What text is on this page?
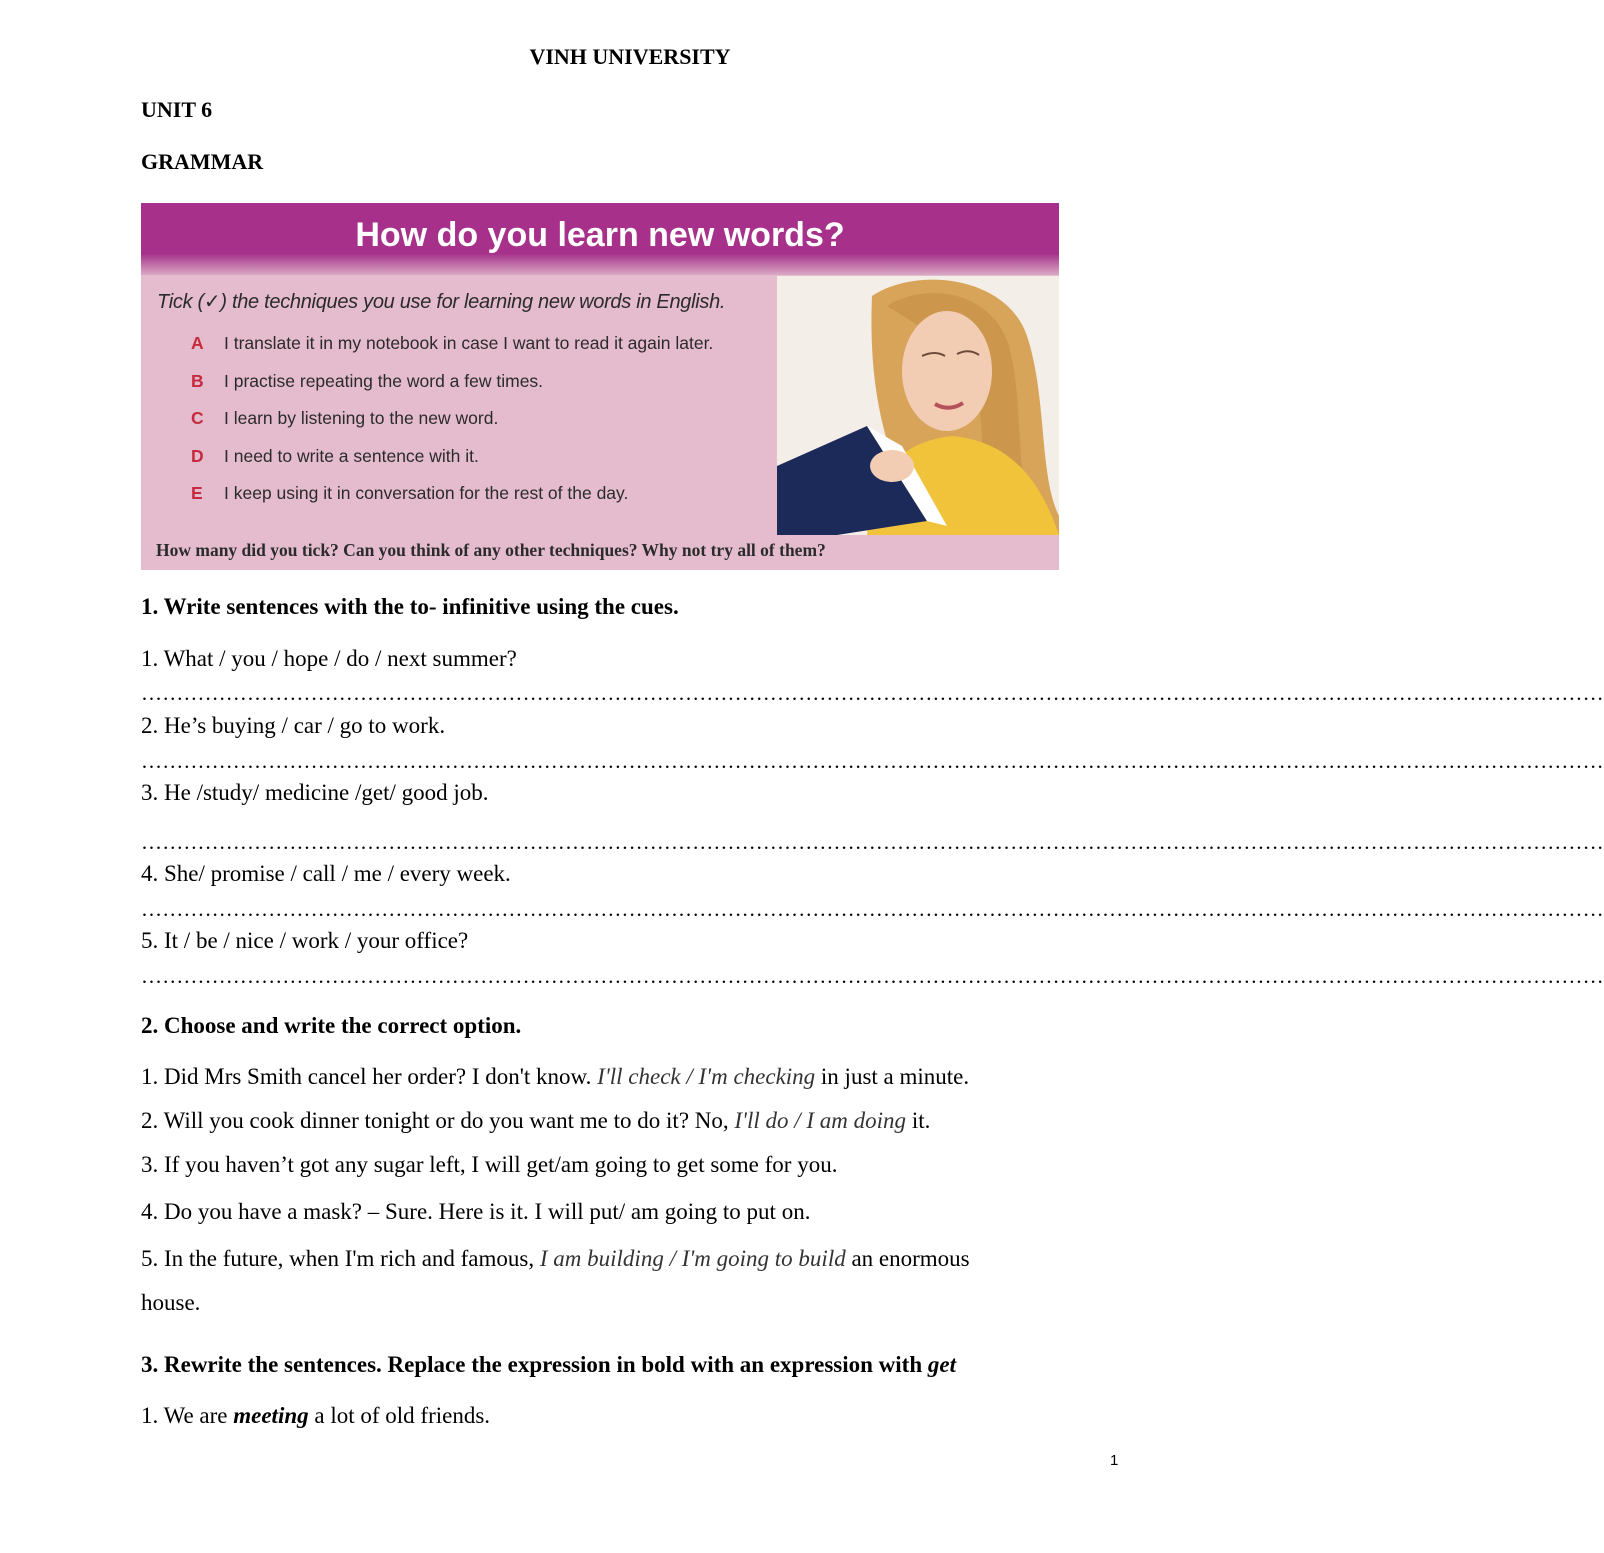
VINH UNIVERSITY
UNIT 6
GRAMMAR
How do you learn new words?
Tick (✓) the techniques you use for learning new words in English.
A	I translate it in my notebook in case I want to read it again later.
B	I practise repeating the word a few times.
C	I learn by listening to the new word.
D	I need to write a sentence with it.
E	I keep using it in conversation for the rest of the day.
How many did you tick? Can you think of any other techniques? Why not try all of them?
1. Write sentences with the to- infinitive using the cues.
1. What / you / hope / do / next summer?
………………………………………………………………………………………………………………………………………………………………………………………
2. He’s buying / car / go to work.
………………………………………………………………………………………………………………………………………………………………………………………
3. He /study/ medicine /get/ good job.
………………………………………………………………………………………………………………………………………………………………………………………
4. She/ promise / call / me / every week.
………………………………………………………………………………………………………………………………………………………………………………………
5. It / be / nice / work / your office?
………………………………………………………………………………………………………………………………………………………………………………………
2. Choose and write the correct option.
1. Did Mrs Smith cancel her order? I don't know. I'll check / I'm checking in just a minute.
2. Will you cook dinner tonight or do you want me to do it? No, I'll do / I am doing it.
3. If you haven’t got any sugar left, I will get/am going to get some for you.
4. Do you have a mask? – Sure. Here is it. I will put/ am going to put on.
5. In the future, when I'm rich and famous, I am building / I'm going to build an enormous
house.
3. Rewrite the sentences. Replace the expression in bold with an expression with get
1. We are meeting a lot of old friends.
1
